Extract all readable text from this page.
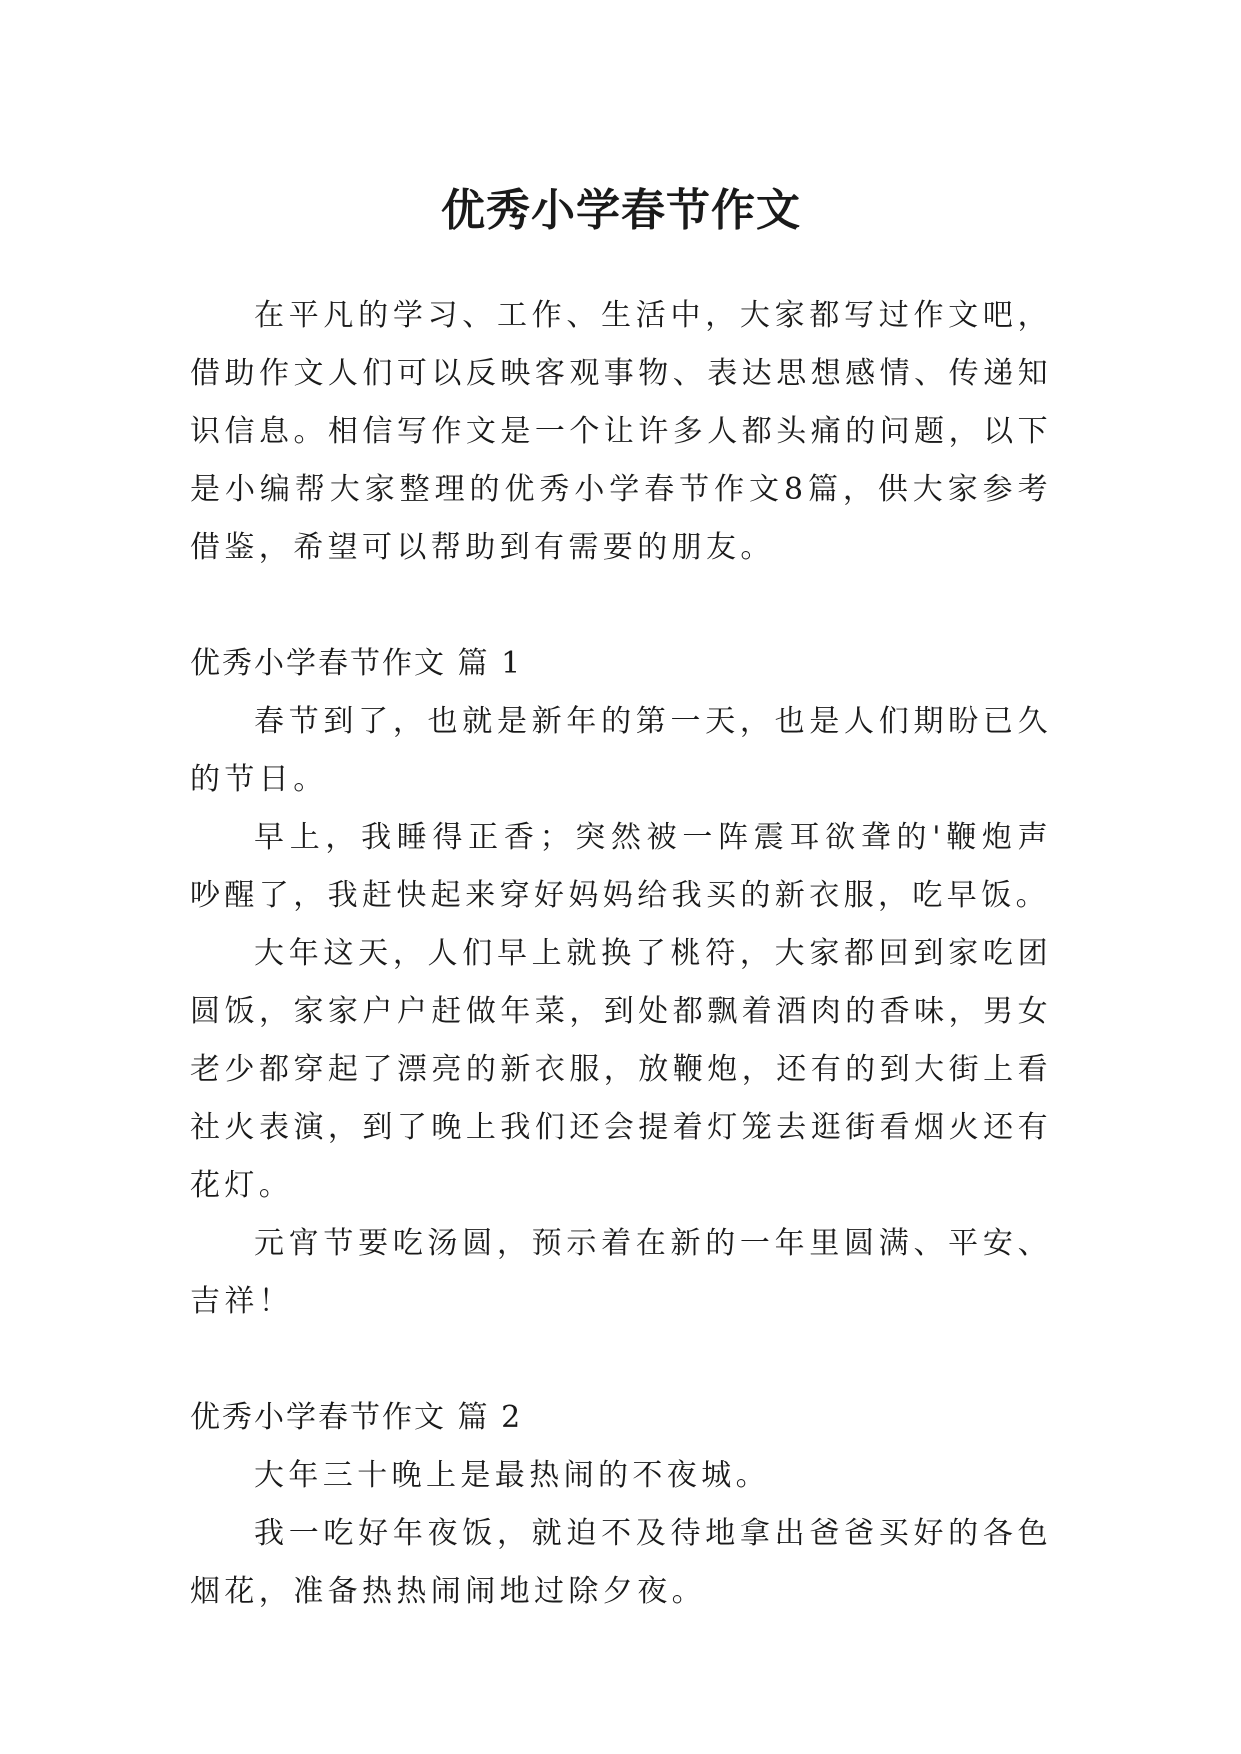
优秀小学春节作文

在平凡的学习、工作、生活中，大家都写过作文吧，借助作文人们可以反映客观事物、表达思想感情、传递知识信息。相信写作文是一个让许多人都头痛的问题，以下是小编帮大家整理的优秀小学春节作文8篇，供大家参考借鉴，希望可以帮助到有需要的朋友。

优秀小学春节作文 篇 1

春节到了，也就是新年的第一天，也是人们期盼已久的节日。

早上，我睡得正香；突然被一阵震耳欲聋的'鞭炮声吵醒了，我赶快起来穿好妈妈给我买的新衣服，吃早饭。

大年这天，人们早上就换了桃符，大家都回到家吃团圆饭，家家户户赶做年菜，到处都飘着酒肉的香味，男女老少都穿起了漂亮的新衣服，放鞭炮，还有的到大街上看社火表演，到了晚上我们还会提着灯笼去逛街看烟火还有花灯。

元宵节要吃汤圆，预示着在新的一年里圆满、平安、吉祥！

优秀小学春节作文 篇 2

大年三十晚上是最热闹的不夜城。

我一吃好年夜饭，就迫不及待地拿出爸爸买好的各色烟花，准备热热闹闹地过除夕夜。
